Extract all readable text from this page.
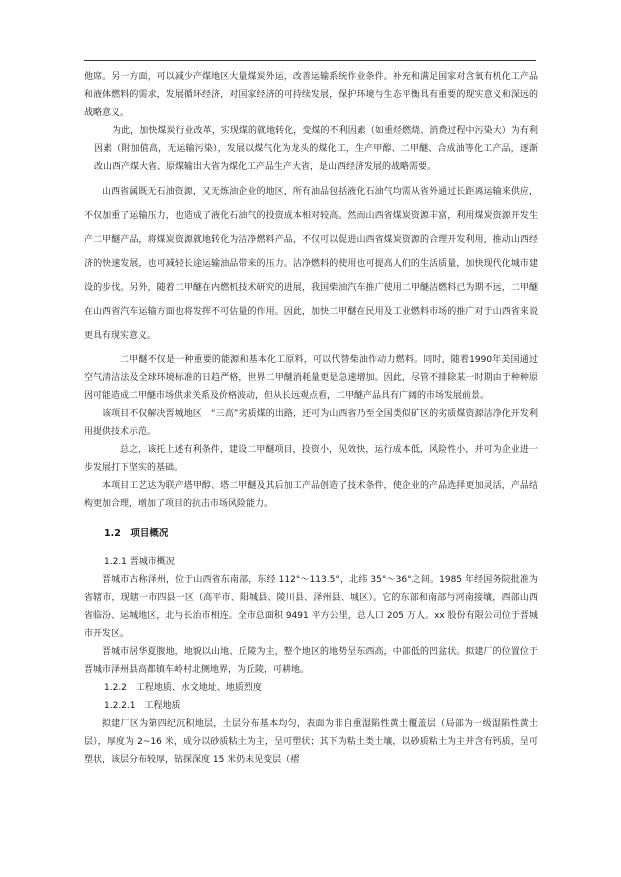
他席。另一方面，可以减少产煤地区大量煤炭外运，改善运输系统作业条件。补充和满足国家对含氧有机化工产品和液体燃料的需求，发展循环经济，对国家经济的可持续发展，保护环境与生态平衡具有重要的现实意义和深远的战略意义。

为此，加快煤炭行业改革，实现煤的就地转化，变煤的不利因素（如重烃燃烧、消费过程中污染大）为有利因素（附加值高，无运输污染），发展以煤气化为龙头的煤化工，生产甲醇、二甲醚、合成油等化工产品，逐渐改山西产煤大省、原煤输出大省为煤化工产品生产大省，是山西经济发展的战略需要。

山西省属既无石油资源，又无炼油企业的地区，所有油品包括液化石油气均需从省外通过长距离运输来供应，不仅加重了运输压力，也造成了液化石油气的投资成本相对较高。然而山西省煤炭资源丰富，利用煤炭资源开发生产二甲醚产品，将煤炭资源就地转化为洁净燃料产品，不仅可以促进山西省煤炭资源的合理开发利用，推动山西经济的快速发展，也可减轻长途运输油品带来的压力。洁净燃料的使用也可提高人们的生活质量，加快现代化城市建设的步伐。另外，随着二甲醚在内燃机技术研究的进展，我国柴油汽车推广使用二甲醚洁燃料已为期不远，二甲醚在山西省汽车运输方面也将发挥不可估量的作用。因此，加快二甲醚在民用及工业燃料市场的推广对于山西省来说更具有现实意义。

二甲醚不仅是一种重要的能源和基本化工原料，可以代替柴油作动力燃料。同时，随着1990年美国通过空气清洁法及全球环境标准的日趋严格，世界二甲醚消耗量更是急速增加。因此，尽管不排除某一时期由于种种原因可能造成二甲醚市场供求关系及价格波动，但从长远观点看，二甲醚产品具有广阔的市场发展前景。

该项目不仅解决晋城地区　“三高”劣质煤的出路，还可为山西省乃至全国类似矿区的劣质煤资源洁净化开发利用提供技术示范。

总之，该托上述有利条件，建设二甲醚项目，投资小，见效快，运行成本低，风险性小，并可为企业进一步发展打下坚实的基础。

本项目工艺达为联产塔甲醇、塔二甲醚及其后加工产品创造了技术条件，使企业的产品选择更加灵活，产品结构更加合理，增加了项目的抗击市场风险能力。

1.2　项目概况

1.2.1 晋城市概况

晋城市古称泽州，位于山西省东南部，东经 112°～113.5°，北纬 35°～36°之间。1985 年经国务院批准为省辖市，现辖一市四县一区（高平市、阳城县、陵川县、泽州县、城区）。它的东部和南部与河南接壤，西部山西省临汾、运城地区，北与长治市相连。全市总面积 9491 平方公里，总人口 205 万人。xx 股份有限公司位于晋城市开发区。

晋城市居华夏腹地，地貌以山地、丘陵为主，整个地区的地势呈东西高，中部低的凹盆状。拟建厂的位置位于晋城市泽州县高都镇车岭村北侧地界，为丘陵，可耕地。

1.2.2　工程地质、水文地址、地质烈度

1.2.2.1　工程地质

拟建厂区为第四纪沉积地层，土层分布基本均匀，表面为非自重湿陷性黄土覆盖层（局部为一级湿陷性黄土层），厚度为 2~16 米，成分以砂质粘土为主，呈可塑状；其下为粘土类土壤，以砂质粘土为主并含有钙质，呈可塑状，该层分布较厚，钻探深度 15 米仍未见变层（褶
